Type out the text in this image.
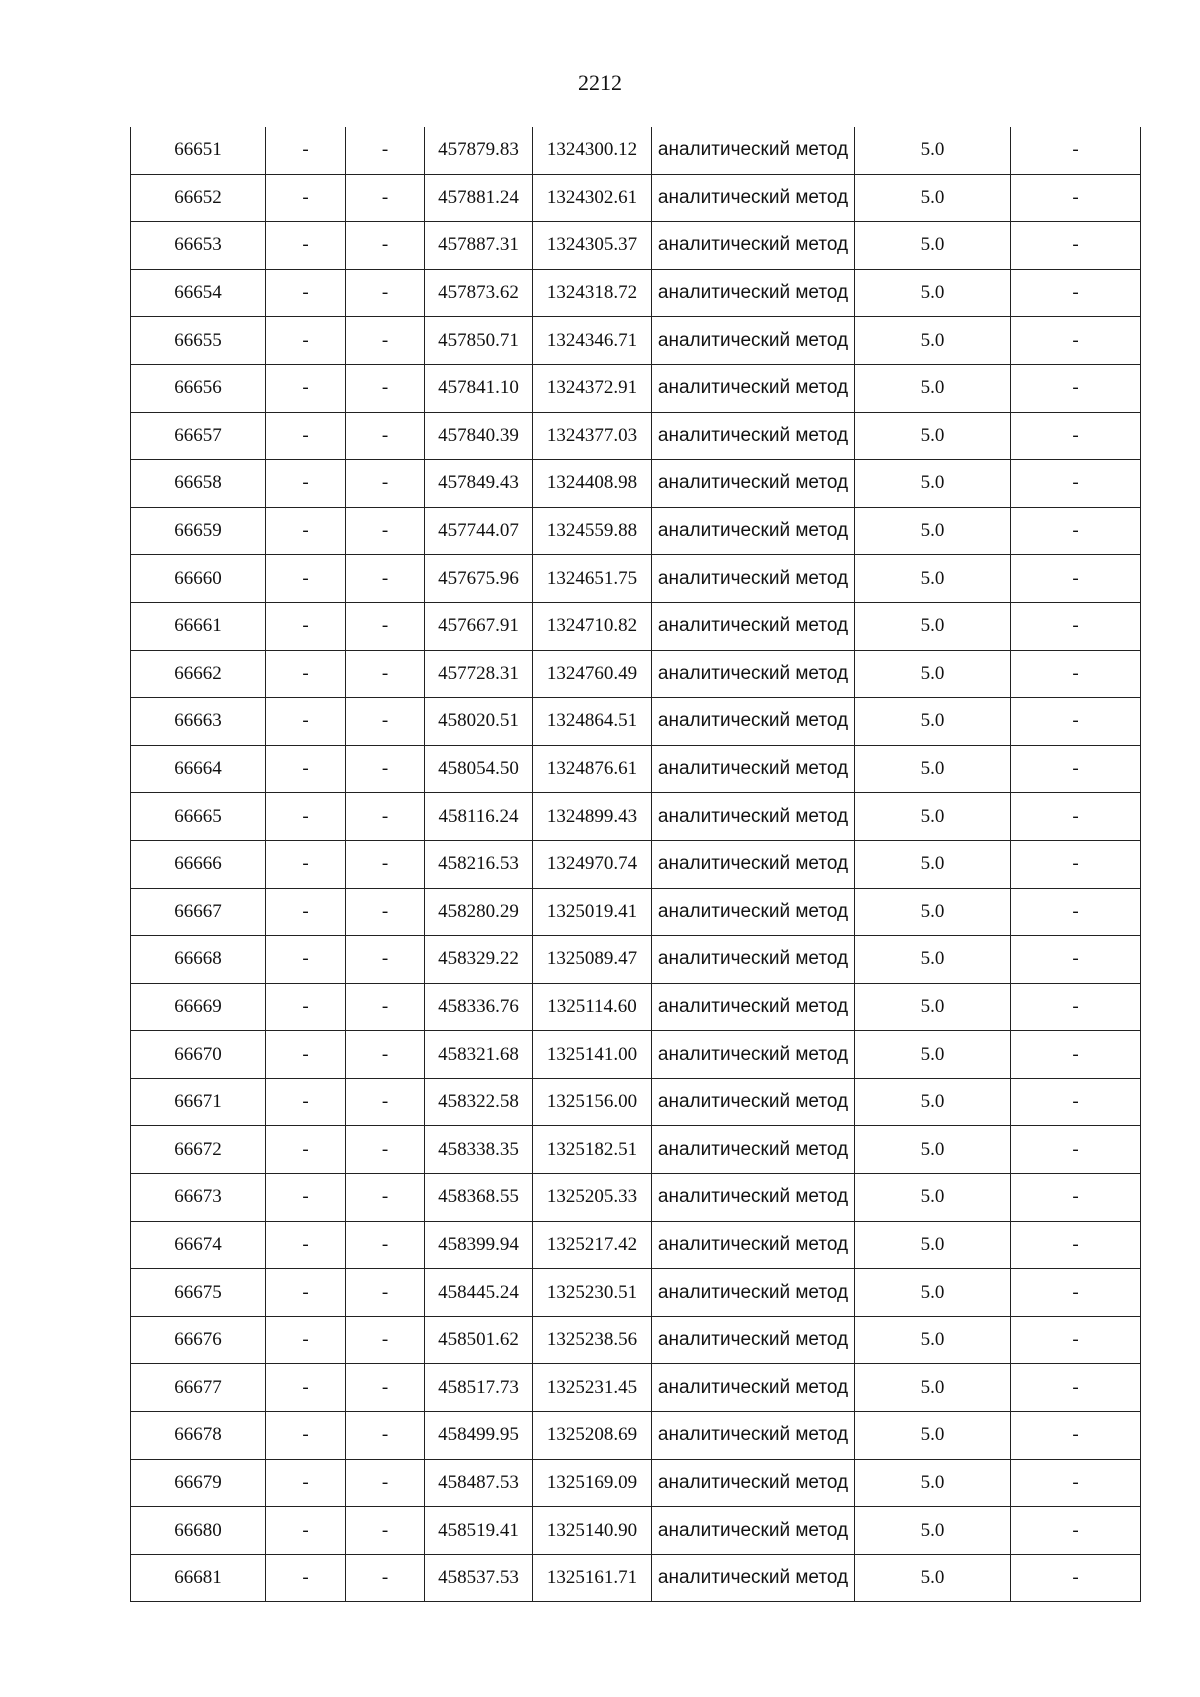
2212
66651	-	-	457879.83	1324300.12	аналитический метод	5.0	-
66652	-	-	457881.24	1324302.61	аналитический метод	5.0	-
66653	-	-	457887.31	1324305.37	аналитический метод	5.0	-
66654	-	-	457873.62	1324318.72	аналитический метод	5.0	-
66655	-	-	457850.71	1324346.71	аналитический метод	5.0	-
66656	-	-	457841.10	1324372.91	аналитический метод	5.0	-
66657	-	-	457840.39	1324377.03	аналитический метод	5.0	-
66658	-	-	457849.43	1324408.98	аналитический метод	5.0	-
66659	-	-	457744.07	1324559.88	аналитический метод	5.0	-
66660	-	-	457675.96	1324651.75	аналитический метод	5.0	-
66661	-	-	457667.91	1324710.82	аналитический метод	5.0	-
66662	-	-	457728.31	1324760.49	аналитический метод	5.0	-
66663	-	-	458020.51	1324864.51	аналитический метод	5.0	-
66664	-	-	458054.50	1324876.61	аналитический метод	5.0	-
66665	-	-	458116.24	1324899.43	аналитический метод	5.0	-
66666	-	-	458216.53	1324970.74	аналитический метод	5.0	-
66667	-	-	458280.29	1325019.41	аналитический метод	5.0	-
66668	-	-	458329.22	1325089.47	аналитический метод	5.0	-
66669	-	-	458336.76	1325114.60	аналитический метод	5.0	-
66670	-	-	458321.68	1325141.00	аналитический метод	5.0	-
66671	-	-	458322.58	1325156.00	аналитический метод	5.0	-
66672	-	-	458338.35	1325182.51	аналитический метод	5.0	-
66673	-	-	458368.55	1325205.33	аналитический метод	5.0	-
66674	-	-	458399.94	1325217.42	аналитический метод	5.0	-
66675	-	-	458445.24	1325230.51	аналитический метод	5.0	-
66676	-	-	458501.62	1325238.56	аналитический метод	5.0	-
66677	-	-	458517.73	1325231.45	аналитический метод	5.0	-
66678	-	-	458499.95	1325208.69	аналитический метод	5.0	-
66679	-	-	458487.53	1325169.09	аналитический метод	5.0	-
66680	-	-	458519.41	1325140.90	аналитический метод	5.0	-
66681	-	-	458537.53	1325161.71	аналитический метод	5.0	-
